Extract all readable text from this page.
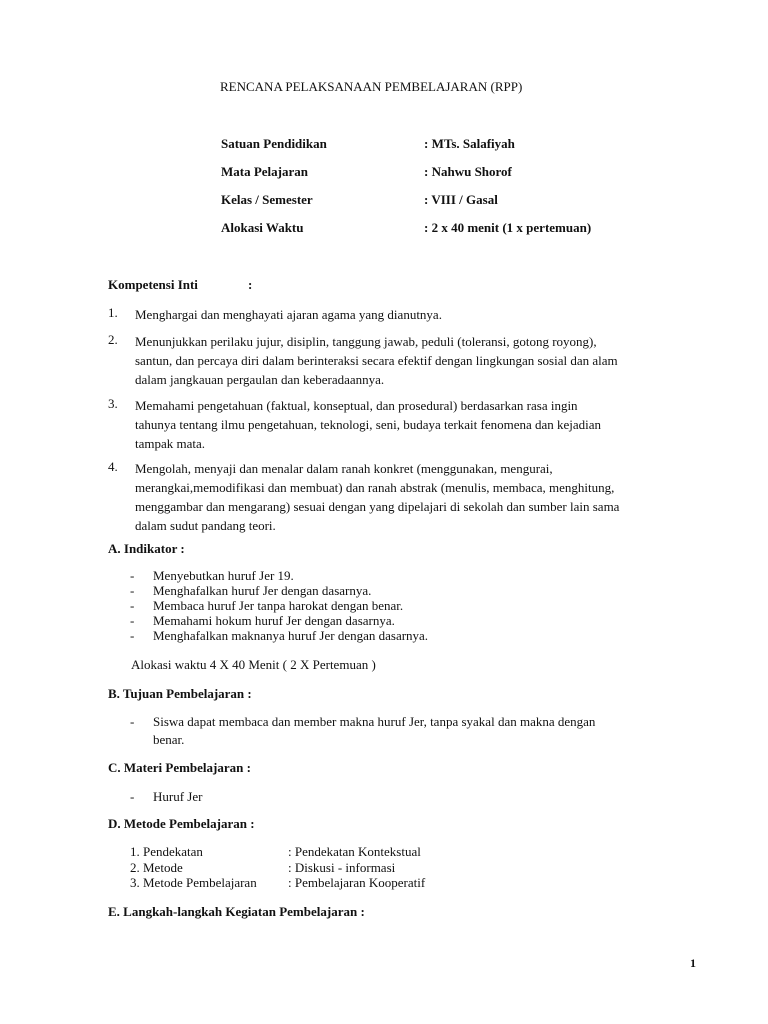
RENCANA PELAKSANAAN PEMBELAJARAN (RPP)
Satuan Pendidikan	: MTs. Salafiyah
Mata Pelajaran	: Nahwu Shorof
Kelas / Semester	: VIII / Gasal
Alokasi Waktu	: 2 x 40 menit (1 x pertemuan)
Kompetensi Inti	:
1. Menghargai dan menghayati ajaran agama yang dianutnya.
2. Menunjukkan perilaku jujur, disiplin, tanggung jawab, peduli (toleransi, gotong royong),
santun, dan percaya diri dalam berinteraksi secara efektif dengan lingkungan sosial dan alam
dalam jangkauan pergaulan dan keberadaannya.
3. Memahami pengetahuan (faktual, konseptual, dan prosedural) berdasarkan rasa ingin
tahunya tentang ilmu pengetahuan, teknologi, seni, budaya terkait fenomena dan kejadian
tampak mata.
4. Mengolah, menyaji dan menalar dalam ranah konkret (menggunakan, mengurai,
merangkai,memodifikasi dan membuat) dan ranah abstrak (menulis, membaca, menghitung,
menggambar dan mengarang) sesuai dengan yang dipelajari di sekolah dan sumber lain sama
dalam sudut pandang teori.
A. Indikator :
- Menyebutkan huruf Jer 19.
- Menghafalkan huruf Jer dengan dasarnya.
- Membaca huruf Jer tanpa harokat dengan benar.
- Memahami hokum huruf Jer dengan dasarnya.
- Menghafalkan maknanya huruf Jer dengan dasarnya.
Alokasi waktu 4 X 40 Menit ( 2 X Pertemuan )
B. Tujuan Pembelajaran :
- Siswa dapat membaca dan member makna huruf Jer, tanpa syakal dan makna dengan
benar.
C. Materi Pembelajaran :
- Huruf Jer
D. Metode Pembelajaran :
1. Pendekatan	: Pendekatan Kontekstual
2. Metode	: Diskusi - informasi
3. Metode Pembelajaran : Pembelajaran Kooperatif
E. Langkah-langkah Kegiatan Pembelajaran :
1
